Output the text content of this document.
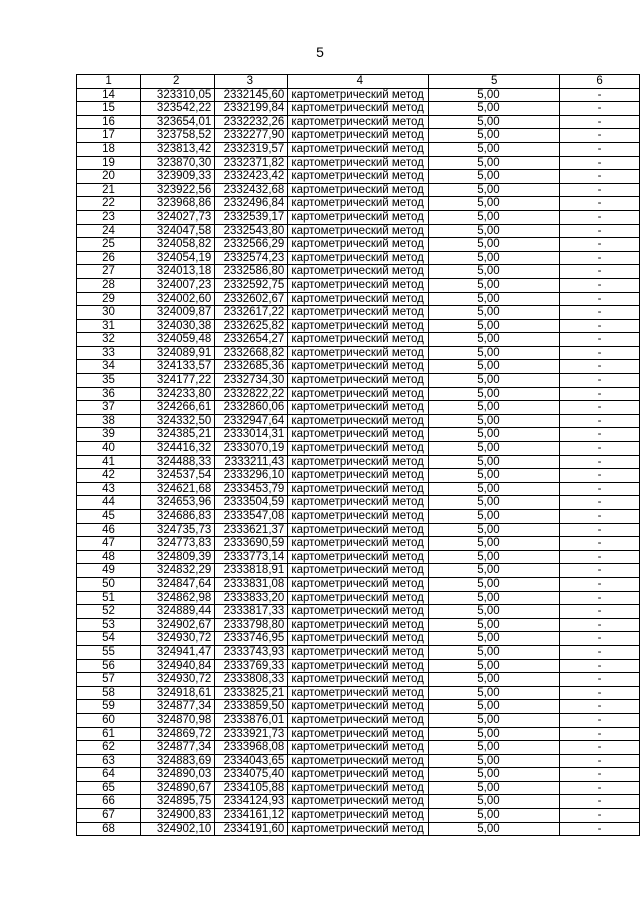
5
1	2	3	4	5	6
14	323310,05	2332145,60	картометрический метод	5,00	-
15	323542,22	2332199,84	картометрический метод	5,00	-
16	323654,01	2332232,26	картометрический метод	5,00	-
17	323758,52	2332277,90	картометрический метод	5,00	-
18	323813,42	2332319,57	картометрический метод	5,00	-
19	323870,30	2332371,82	картометрический метод	5,00	-
20	323909,33	2332423,42	картометрический метод	5,00	-
21	323922,56	2332432,68	картометрический метод	5,00	-
22	323968,86	2332496,84	картометрический метод	5,00	-
23	324027,73	2332539,17	картометрический метод	5,00	-
24	324047,58	2332543,80	картометрический метод	5,00	-
25	324058,82	2332566,29	картометрический метод	5,00	-
26	324054,19	2332574,23	картометрический метод	5,00	-
27	324013,18	2332586,80	картометрический метод	5,00	-
28	324007,23	2332592,75	картометрический метод	5,00	-
29	324002,60	2332602,67	картометрический метод	5,00	-
30	324009,87	2332617,22	картометрический метод	5,00	-
31	324030,38	2332625,82	картометрический метод	5,00	-
32	324059,48	2332654,27	картометрический метод	5,00	-
33	324089,91	2332668,82	картометрический метод	5,00	-
34	324133,57	2332685,36	картометрический метод	5,00	-
35	324177,22	2332734,30	картометрический метод	5,00	-
36	324233,80	2332822,22	картометрический метод	5,00	-
37	324266,61	2332860,06	картометрический метод	5,00	-
38	324332,50	2332947,64	картометрический метод	5,00	-
39	324385,21	2333014,31	картометрический метод	5,00	-
40	324416,32	2333070,19	картометрический метод	5,00	-
41	324488,33	2333211,43	картометрический метод	5,00	-
42	324537,54	2333296,10	картометрический метод	5,00	-
43	324621,68	2333453,79	картометрический метод	5,00	-
44	324653,96	2333504,59	картометрический метод	5,00	-
45	324686,83	2333547,08	картометрический метод	5,00	-
46	324735,73	2333621,37	картометрический метод	5,00	-
47	324773,83	2333690,59	картометрический метод	5,00	-
48	324809,39	2333773,14	картометрический метод	5,00	-
49	324832,29	2333818,91	картометрический метод	5,00	-
50	324847,64	2333831,08	картометрический метод	5,00	-
51	324862,98	2333833,20	картометрический метод	5,00	-
52	324889,44	2333817,33	картометрический метод	5,00	-
53	324902,67	2333798,80	картометрический метод	5,00	-
54	324930,72	2333746,95	картометрический метод	5,00	-
55	324941,47	2333743,93	картометрический метод	5,00	-
56	324940,84	2333769,33	картометрический метод	5,00	-
57	324930,72	2333808,33	картометрический метод	5,00	-
58	324918,61	2333825,21	картометрический метод	5,00	-
59	324877,34	2333859,50	картометрический метод	5,00	-
60	324870,98	2333876,01	картометрический метод	5,00	-
61	324869,72	2333921,73	картометрический метод	5,00	-
62	324877,34	2333968,08	картометрический метод	5,00	-
63	324883,69	2334043,65	картометрический метод	5,00	-
64	324890,03	2334075,40	картометрический метод	5,00	-
65	324890,67	2334105,88	картометрический метод	5,00	-
66	324895,75	2334124,93	картометрический метод	5,00	-
67	324900,83	2334161,12	картометрический метод	5,00	-
68	324902,10	2334191,60	картометрический метод	5,00	-
